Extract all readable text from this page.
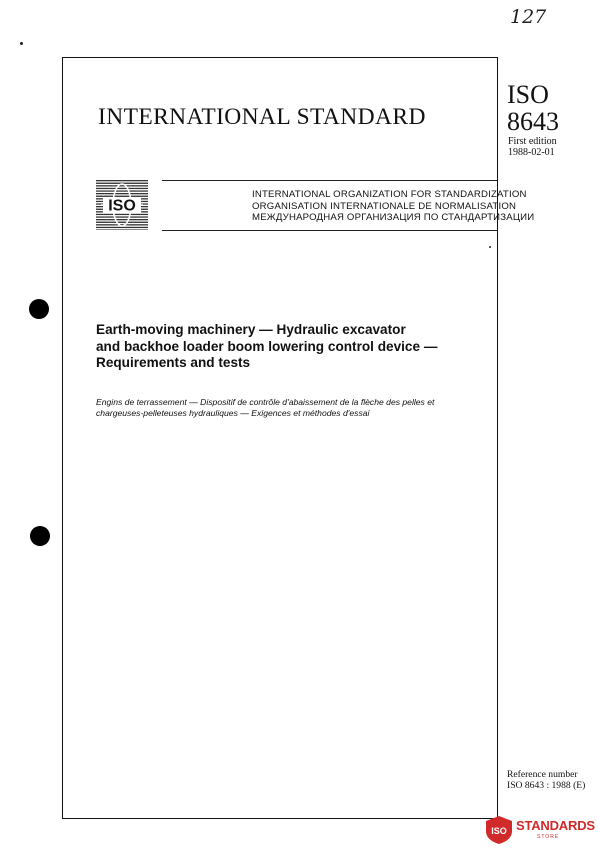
127
INTERNATIONAL STANDARD
ISO
8643
First edition
1988-02-01
ISO
INTERNATIONAL ORGANIZATION FOR STANDARDIZATION
ORGANISATION INTERNATIONALE DE NORMALISATION
МЕЖДУНАРОДНАЯ ОРГАНИЗАЦИЯ ПО СТАНДАРТИЗАЦИИ
Earth-moving machinery — Hydraulic excavator
and backhoe loader boom lowering control device —
Requirements and tests
Engins de terrassement — Dispositif de contrôle d'abaissement de la flèche des pelles et
chargeuses-pelleteuses hydrauliques — Exigences et méthodes d'essai
Reference number
ISO 8643 : 1988 (E)
ISO STANDARDS
STORE
